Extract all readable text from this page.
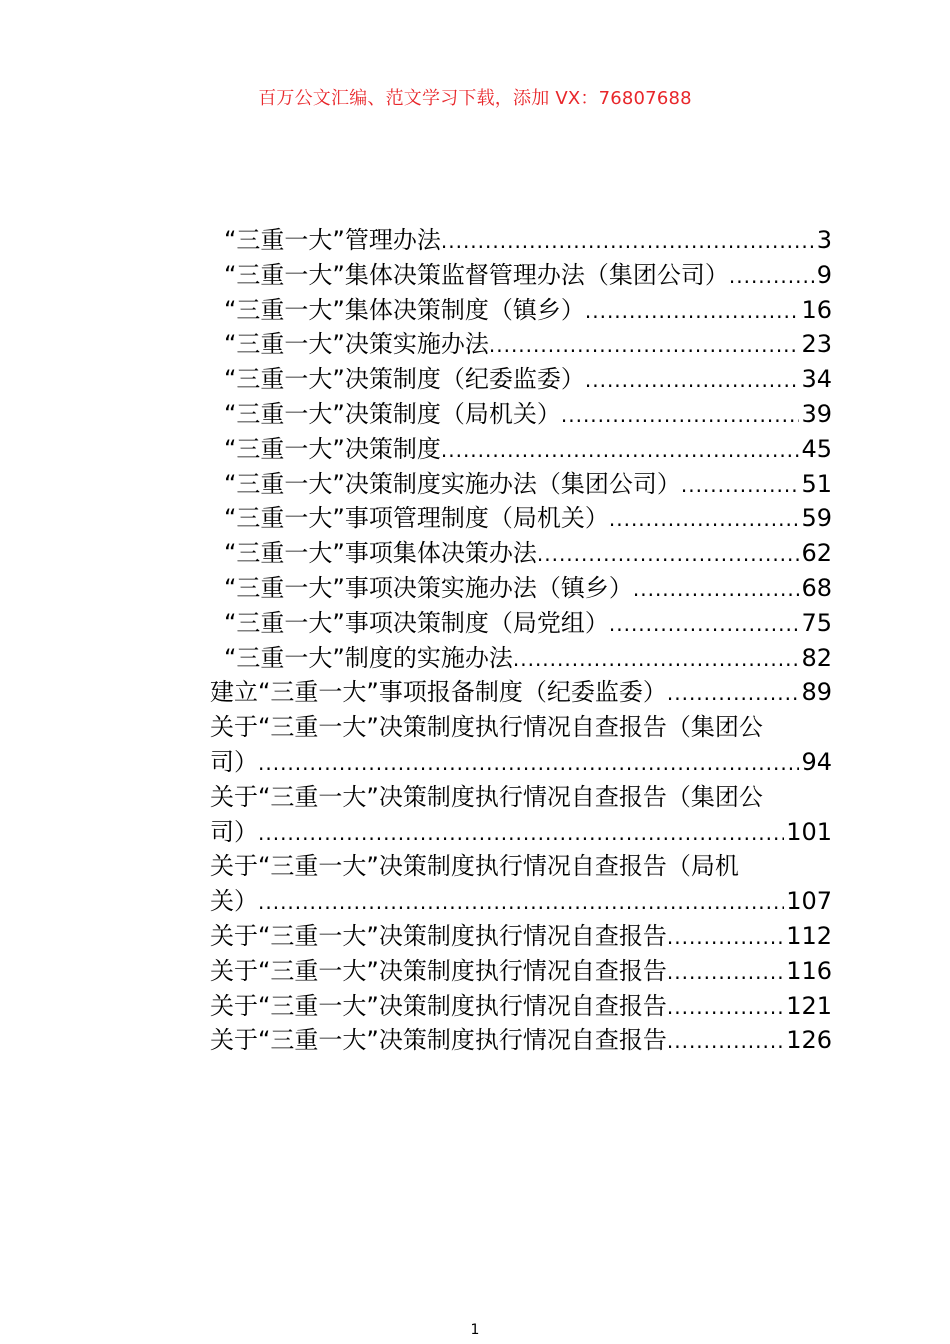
百万公文汇编、范文学习下载，添加 VX：76807688
“三重一大”管理办法 .....	3
“三重一大”集体决策监督管理办法（集团公司） .....	9
“三重一大”集体决策制度（镇乡） .....	16
“三重一大”决策实施办法 .....	23
“三重一大”决策制度（纪委监委） .....	34
“三重一大”决策制度（局机关） .....	39
“三重一大”决策制度 .....	45
“三重一大”决策制度实施办法（集团公司） .....	51
“三重一大”事项管理制度（局机关） .....	59
“三重一大”事项集体决策办法 .....	62
“三重一大”事项决策实施办法（镇乡） .....	68
“三重一大”事项决策制度（局党组） .....	75
“三重一大”制度的实施办法 .....	82
建立“三重一大”事项报备制度（纪委监委） .....	89
关于“三重一大”决策制度执行情况自查报告（集团公
司） .....	94
关于“三重一大”决策制度执行情况自查报告（集团公
司） .....	101
关于“三重一大”决策制度执行情况自查报告（局机
关） .....	107
关于“三重一大”决策制度执行情况自查报告 .....	112
关于“三重一大”决策制度执行情况自查报告 .....	116
关于“三重一大”决策制度执行情况自查报告 .....	121
关于“三重一大”决策制度执行情况自查报告 .....	126
1
